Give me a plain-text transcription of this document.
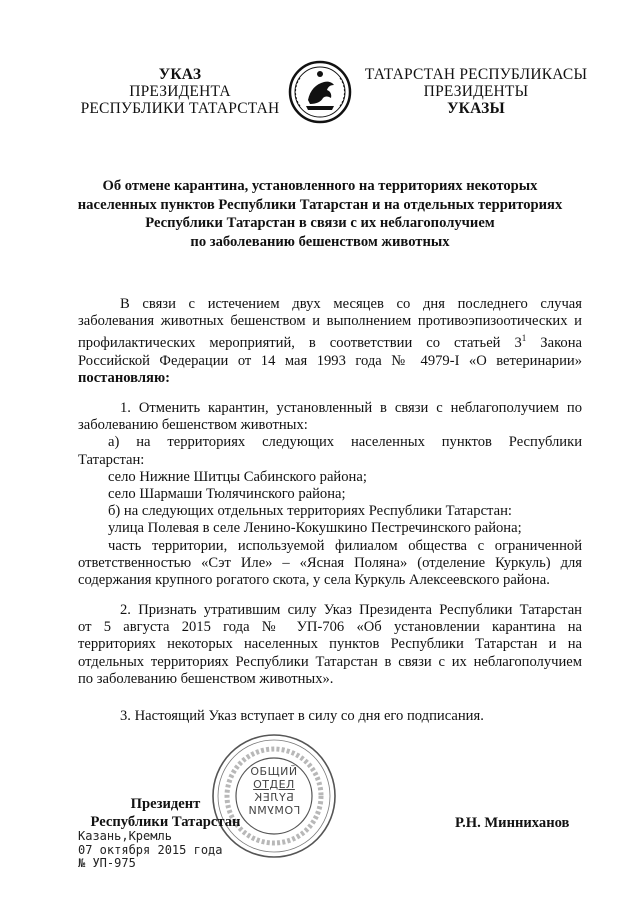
УКАЗ
ПРЕЗИДЕНТА
РЕСПУБЛИКИ ТАТАРСТАН
ТАТАРСТАН РЕСПУБЛИКАСЫ
ПРЕЗИДЕНТЫ
УКАЗЫ
Об отмене карантина, установленного на территориях некоторых
населенных пунктов Республики Татарстан и на отдельных территориях
Республики Татарстан в связи с их неблагополучием
по заболеванию бешенством животных
В связи с истечением двух месяцев со дня последнего случая
заболевания животных бешенством и выполнением противоэпизоотических и
профилактических мероприятий, в соответствии со статьей $3^1$ Закона
Российской Федерации от 14 мая 1993 года № 4979-I «О ветеринарии»
постановляю:
1. Отменить карантин, установленный в связи с неблагополучием по
заболеванию бешенством животных:
а) на территориях следующих населенных пунктов Республики
Татарстан:
село Нижние Шитцы Сабинского района;
село Шармаши Тюлячинского района;
б) на следующих отдельных территориях Республики Татарстан:
улица Полевая в селе Ленино-Кокушкино Пестречинского района;
часть территории, используемой филиалом общества с ограниченной
ответственностью «Сэт Иле» – «Ясная Поляна» (отделение Куркуль) для
содержания крупного рогатого скота, у села Куркуль Алексеевского района.
2. Признать утратившим силу Указ Президента Республики Татарстан
от 5 августа 2015 года № УП-706 «Об установлении карантина на
территориях некоторых населенных пунктов Республики Татарстан и на
отдельных территориях Республики Татарстан в связи с их неблагополучием
по заболеванию бешенством животных».
3. Настоящий Указ вступает в силу со дня его подписания.
ОБЩИЙ
ОТДЕЛ
БҮЛЕК
ГОМУМИ
Президент
Республики Татарстан	Р.Н. Минниханов
Казань,Кремль
07 октября 2015 года
№ УП-975
